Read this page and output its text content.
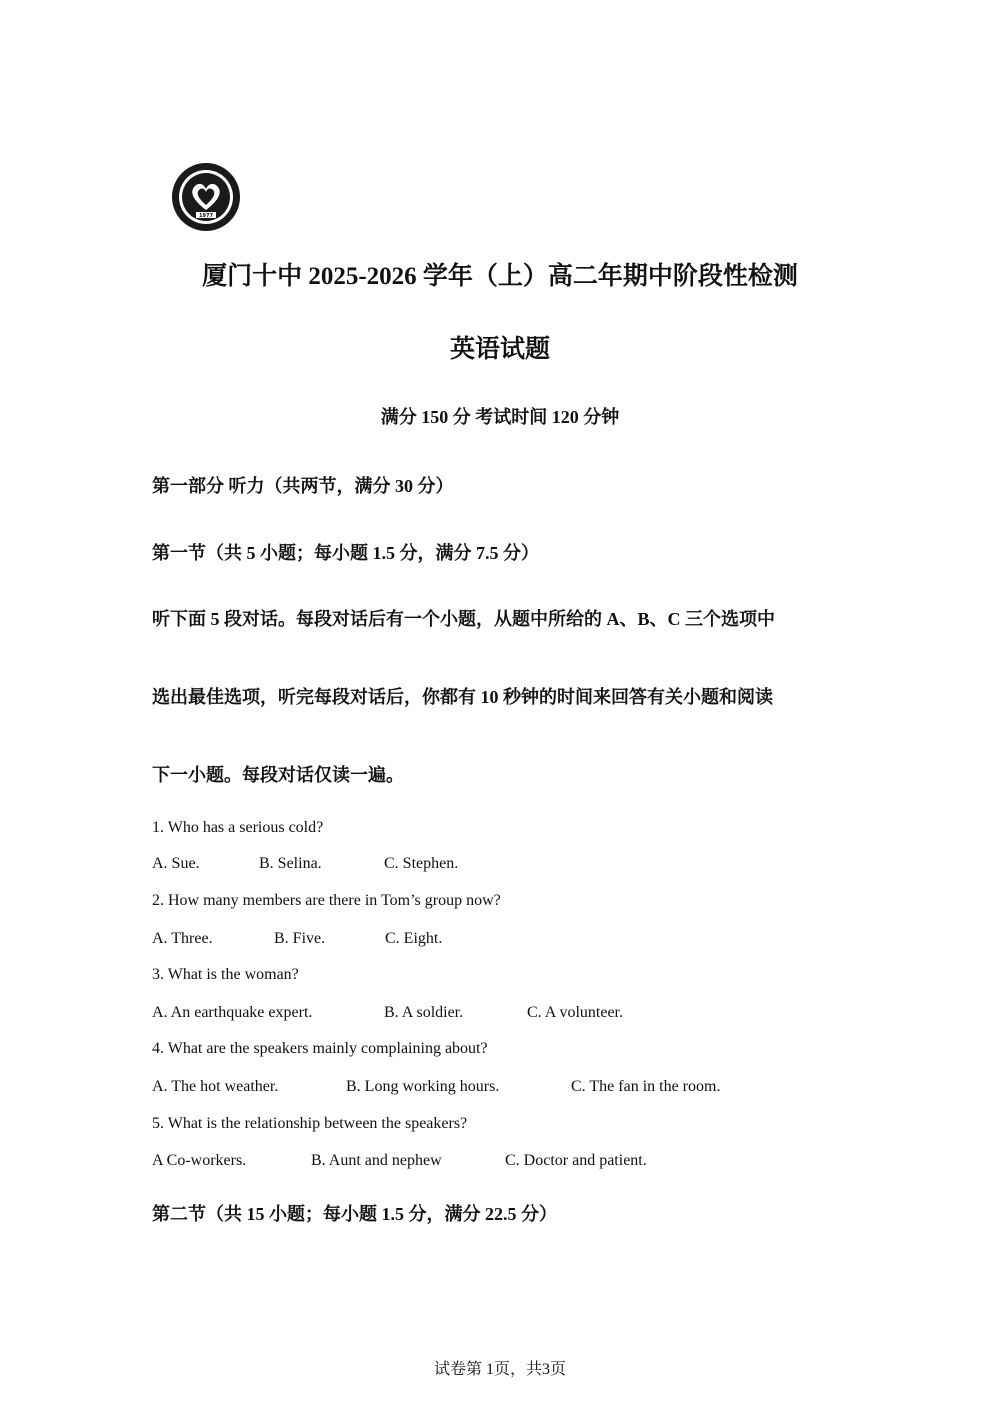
1977
厦门十中 2025-2026 学年（上）高二年期中阶段性检测
英语试题
满分 150 分 考试时间 120 分钟
第一部分 听力（共两节，满分 30 分）
第一节（共 5 小题；每小题 1.5 分，满分 7.5 分）
听下面 5 段对话。每段对话后有一个小题，从题中所给的 A、B、C 三个选项中
选出最佳选项，听完每段对话后，你都有 10 秒钟的时间来回答有关小题和阅读
下一小题。每段对话仅读一遍。
1. Who has a serious cold?
A. Sue.	B. Selina.	C. Stephen.
2. How many members are there in Tom’s group now?
A. Three.	B. Five.	C. Eight.
3. What is the woman?
A. An earthquake expert.	B. A soldier.	C. A volunteer.
4. What are the speakers mainly complaining about?
A. The hot weather.	B. Long working hours.	C. The fan in the room.
5. What is the relationship between the speakers?
A Co-workers.	B. Aunt and nephew	C. Doctor and patient.
第二节（共 15 小题；每小题 1.5 分，满分 22.5 分）
试卷第 1页，共3页
